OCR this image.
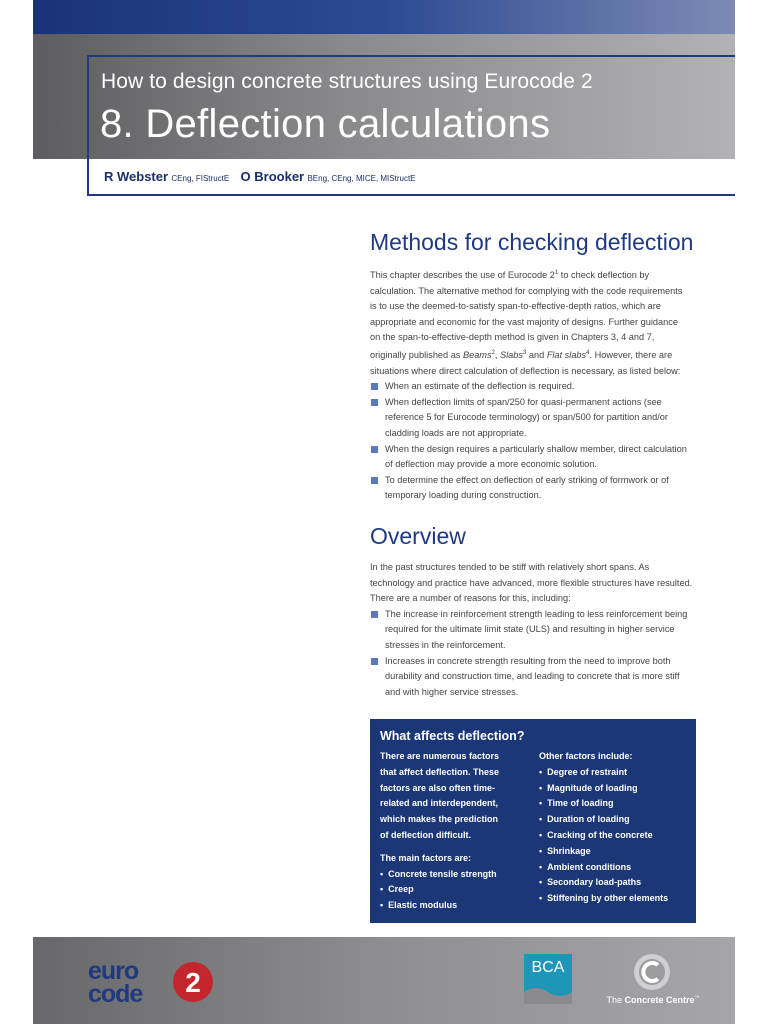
How to design concrete structures using Eurocode 2
8. Deflection calculations
R Webster CEng, FIStructE O Brooker BEng, CEng, MICE, MIStructE
Methods for checking deflection
This chapter describes the use of Eurocode $2^1$ to check deflection by
calculation. The alternative method for complying with the code requirements
is to use the deemed-to-satisfy span-to-effective-depth ratios, which are
appropriate and economic for the vast majority of designs. Further guidance
on the span-to-effective-depth method is given in Chapters 3, 4 and 7,
originally published as Beams$^2$, Slabs$^3$ and Flat slabs$^4$. However, there are
situations where direct calculation of deflection is necessary, as listed below:
When an estimate of the deflection is required.
When deflection limits of span/250 for quasi-permanent actions (see
reference 5 for Eurocode terminology) or span/500 for partition and/or
cladding loads are not appropriate.
When the design requires a particularly shallow member, direct calculation
of deflection may provide a more economic solution.
To determine the effect on deflection of early striking of formwork or of
temporary loading during construction.
Overview
In the past structures tended to be stiff with relatively short spans. As
technology and practice have advanced, more flexible structures have resulted.
There are a number of reasons for this, including:
The increase in reinforcement strength leading to less reinforcement being
required for the ultimate limit state (ULS) and resulting in higher service
stresses in the reinforcement.
Increases in concrete strength resulting from the need to improve both
durability and construction time, and leading to concrete that is more stiff
and with higher service stresses.
What affects deflection?
There are numerous factors
that affect deflection. These
factors are also often time-
related and interdependent,
which makes the prediction
of deflection difficult.
The main factors are:
• Concrete tensile strength
• Creep
• Elastic modulus
Other factors include:
• Degree of restraint
• Magnitude of loading
• Time of loading
• Duration of loading
• Cracking of the concrete
• Shrinkage
• Ambient conditions
• Secondary load-paths
• Stiffening by other elements
euro
code 2	BCA
The Concrete Centre™
